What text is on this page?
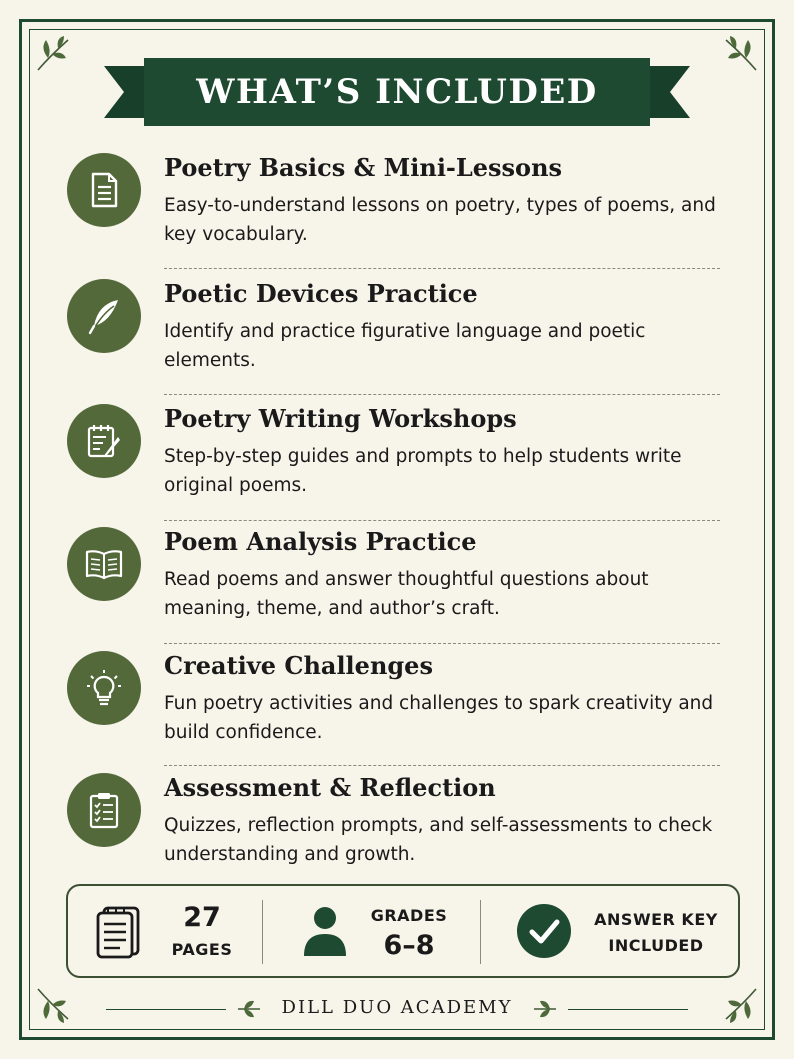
WHAT’S INCLUDED
Poetry Basics & Mini-Lessons
Easy-to-understand lessons on poetry, types of poems, and key vocabulary.
Poetic Devices Practice
Identify and practice figurative language and poetic elements.
Poetry Writing Workshops
Step-by-step guides and prompts to help students write original poems.
Poem Analysis Practice
Read poems and answer thoughtful questions about meaning, theme, and author’s craft.
Creative Challenges
Fun poetry activities and challenges to spark creativity and build confidence.
Assessment & Reflection
Quizzes, reflection prompts, and self-assessments to check understanding and growth.
27
PAGES
GRADES
6–8
ANSWER KEY
INCLUDED
DILL DUO ACADEMY
